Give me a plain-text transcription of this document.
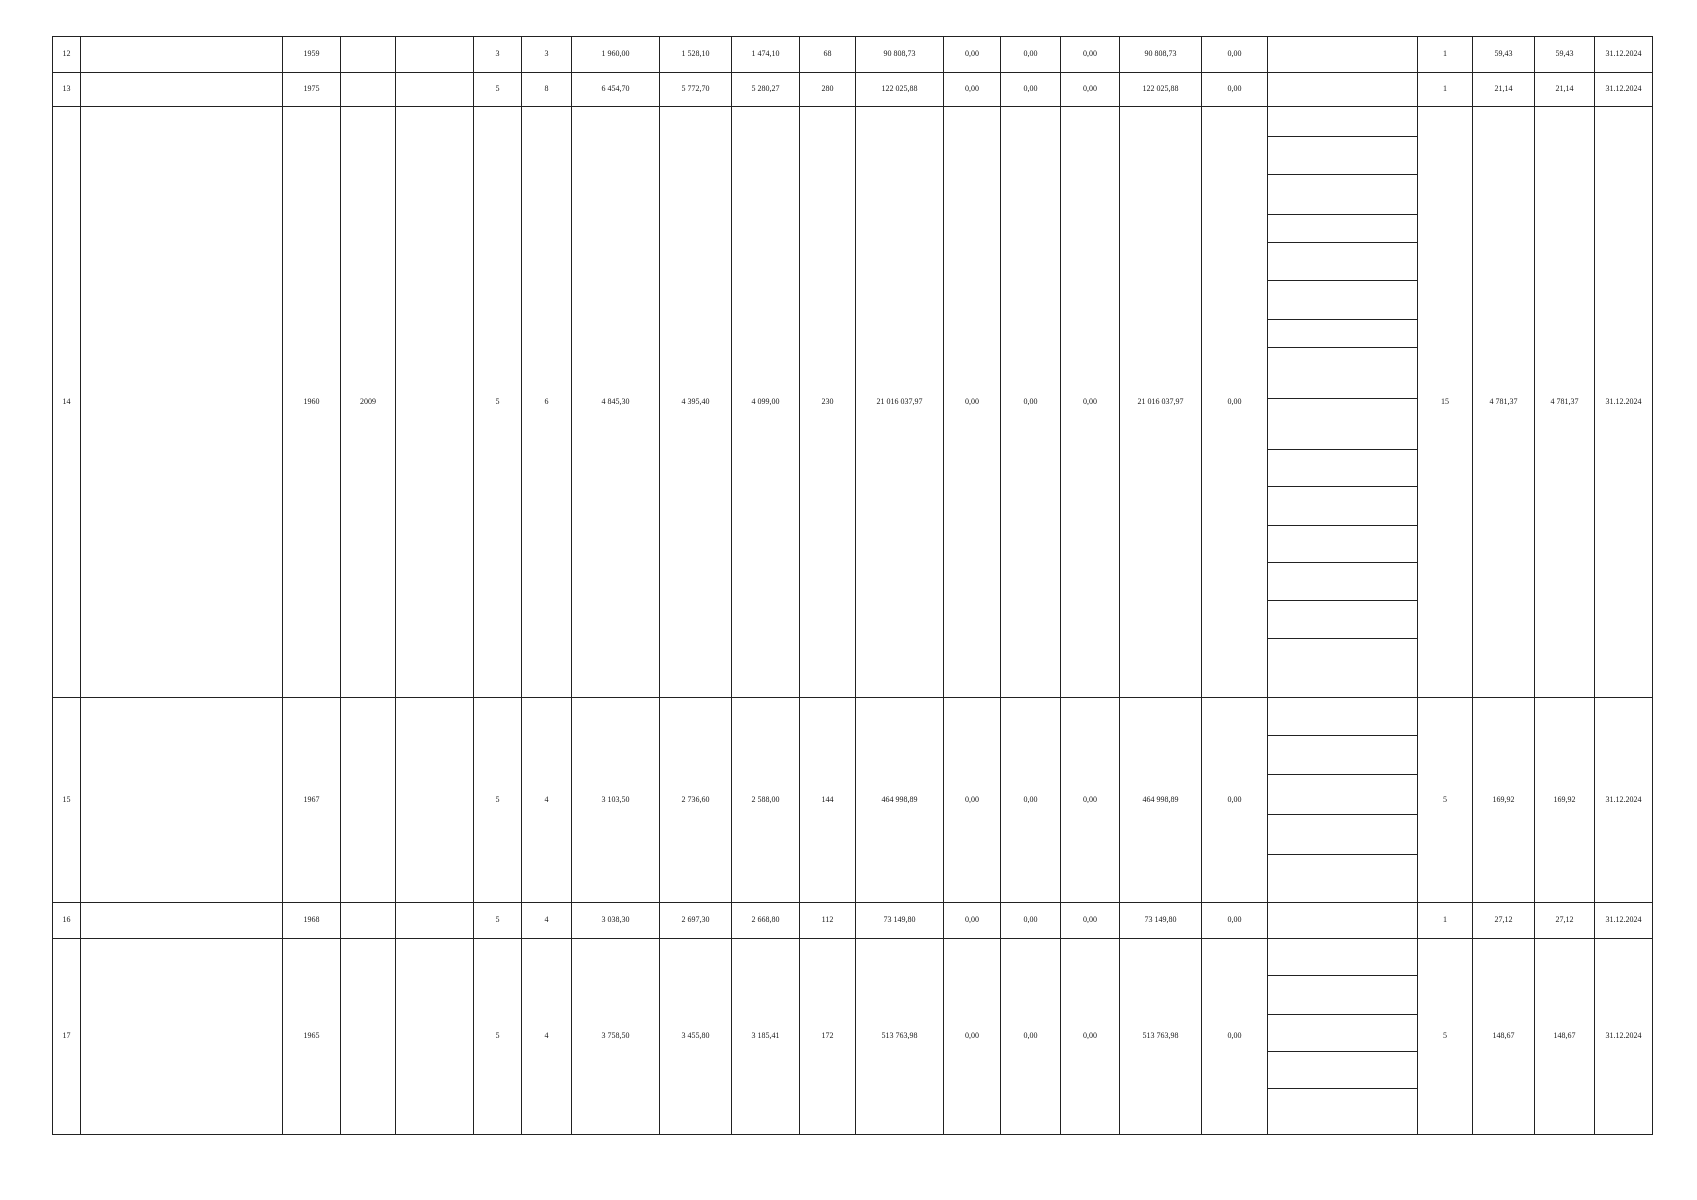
12		1959			3	3	1 960,00	1 528,10	1 474,10	68	90 808,73	0,00	0,00	0,00	90 808,73	0,00		1	59,43	59,43	31.12.2024
13		1975			5	8	6 454,70	5 772,70	5 280,27	280	122 025,88	0,00	0,00	0,00	122 025,88	0,00		1	21,14	21,14	31.12.2024
14		1960	2009		5	6	4 845,30	4 395,40	4 099,00	230	21 016 037,97	0,00	0,00	0,00	21 016 037,97	0,00		15	4 781,37	4 781,37	31.12.2024
15		1967			5	4	3 103,50	2 736,60	2 588,00	144	464 998,89	0,00	0,00	0,00	464 998,89	0,00		5	169,92	169,92	31.12.2024
16		1968			5	4	3 038,30	2 697,30	2 668,80	112	73 149,80	0,00	0,00	0,00	73 149,80	0,00		1	27,12	27,12	31.12.2024
17		1965			5	4	3 758,50	3 455,80	3 185,41	172	513 763,98	0,00	0,00	0,00	513 763,98	0,00		5	148,67	148,67	31.12.2024
